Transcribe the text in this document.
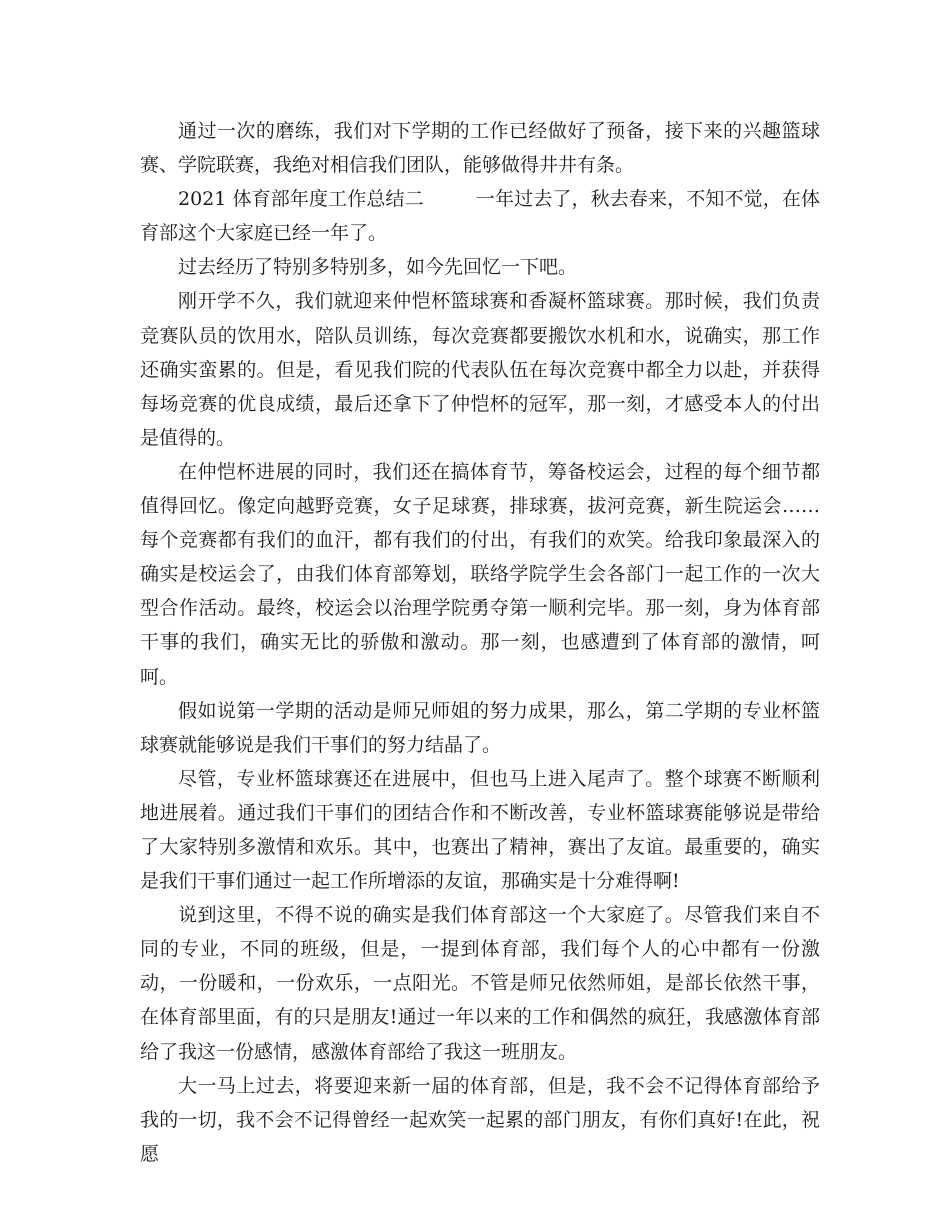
通过一次的磨练，我们对下学期的工作已经做好了预备，接下来的兴趣篮球赛、学院联赛，我绝对相信我们团队，能够做得井井有条。

2021 体育部年度工作总结二	一年过去了，秋去春来，不知不觉，在体育部这个大家庭已经一年了。

过去经历了特别多特别多，如今先回忆一下吧。

刚开学不久，我们就迎来仲恺杯篮球赛和香凝杯篮球赛。那时候，我们负责竞赛队员的饮用水，陪队员训练，每次竞赛都要搬饮水机和水，说确实，那工作还确实蛮累的。但是，看见我们院的代表队伍在每次竞赛中都全力以赴，并获得每场竞赛的优良成绩，最后还拿下了仲恺杯的冠军，那一刻，才感受本人的付出是值得的。

在仲恺杯进展的同时，我们还在搞体育节，筹备校运会，过程的每个细节都值得回忆。像定向越野竞赛，女子足球赛，排球赛，拔河竞赛，新生院运会……每个竞赛都有我们的血汗，都有我们的付出，有我们的欢笑。给我印象最深入的确实是校运会了，由我们体育部筹划，联络学院学生会各部门一起工作的一次大型合作活动。最终，校运会以治理学院勇夺第一顺利完毕。那一刻，身为体育部干事的我们，确实无比的骄傲和激动。那一刻，也感遭到了体育部的激情，呵呵。

假如说第一学期的活动是师兄师姐的努力成果，那么，第二学期的专业杯篮球赛就能够说是我们干事们的努力结晶了。

尽管，专业杯篮球赛还在进展中，但也马上进入尾声了。整个球赛不断顺利地进展着。通过我们干事们的团结合作和不断改善，专业杯篮球赛能够说是带给了大家特别多激情和欢乐。其中，也赛出了精神，赛出了友谊。最重要的，确实是我们干事们通过一起工作所增添的友谊，那确实是十分难得啊!

说到这里，不得不说的确实是我们体育部这一个大家庭了。尽管我们来自不同的专业，不同的班级，但是，一提到体育部，我们每个人的心中都有一份激动，一份暖和，一份欢乐，一点阳光。不管是师兄依然师姐，是部长依然干事，在体育部里面，有的只是朋友!通过一年以来的工作和偶然的疯狂，我感激体育部给了我这一份感情，感激体育部给了我这一班朋友。

大一马上过去，将要迎来新一届的体育部，但是，我不会不记得体育部给予我的一切，我不会不记得曾经一起欢笑一起累的部门朋友，有你们真好!在此，祝愿
